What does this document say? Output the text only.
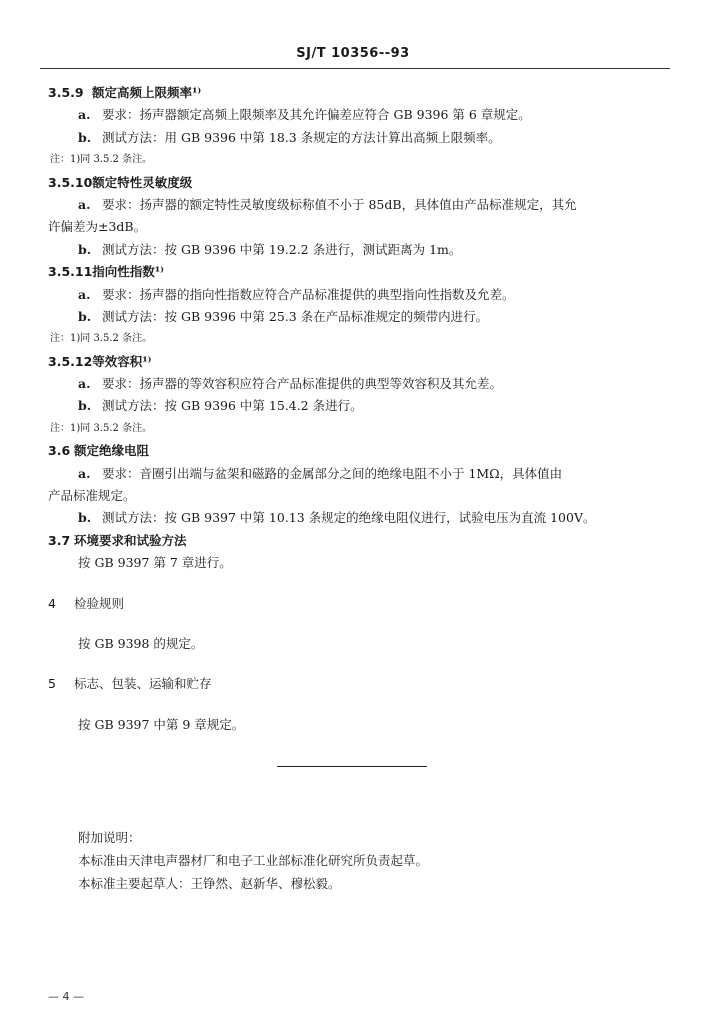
SJ/T 10356--93
3.5.9 额定高频上限频率¹⁾
a. 要求：扬声器额定高频上限频率及其允许偏差应符合 GB 9396 第 6 章规定。
b. 测试方法：用 GB 9396 中第 18.3 条规定的方法计算出高频上限频率。
注：1)同 3.5.2 条注。
3.5.10额定特性灵敏度级
a. 要求：扬声器的额定特性灵敏度级标称值不小于 85dB，具体值由产品标准规定，其允
许偏差为±3dB。
b. 测试方法：按 GB 9396 中第 19.2.2 条进行，测试距离为 1m。
3.5.11指向性指数¹⁾
a. 要求：扬声器的指向性指数应符合产品标准提供的典型指向性指数及允差。
b. 测试方法：按 GB 9396 中第 25.3 条在产品标准规定的频带内进行。
注：1)同 3.5.2 条注。
3.5.12等效容积¹⁾
a. 要求：扬声器的等效容积应符合产品标准提供的典型等效容积及其允差。
b. 测试方法：按 GB 9396 中第 15.4.2 条进行。
注：1)同 3.5.2 条注。
3.6 额定绝缘电阻
a. 要求：音圈引出端与盆架和磁路的金属部分之间的绝缘电阻不小于 1MΩ，具体值由
产品标准规定。
b. 测试方法：按 GB 9397 中第 10.13 条规定的绝缘电阻仪进行，试验电压为直流 100V。
3.7 环境要求和试验方法
按 GB 9397 第 7 章进行。
4 检验规则
按 GB 9398 的规定。
5 标志、包装、运输和贮存
按 GB 9397 中第 9 章规定。
附加说明：
本标准由天津电声器材厂和电子工业部标准化研究所负责起草。
本标准主要起草人：王铮然、赵新华、穆松毅。
— 4 —
